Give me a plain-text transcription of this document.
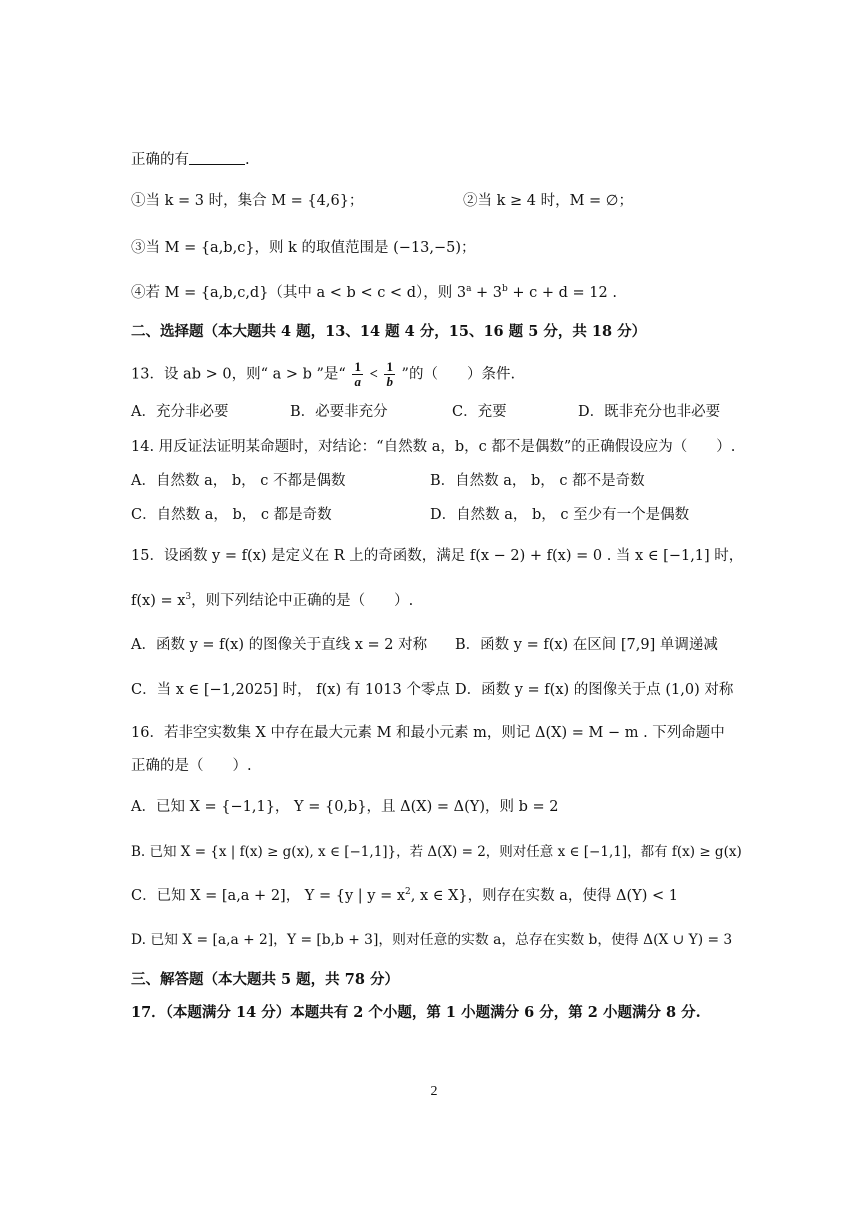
正确的有	.
①当 k = 3 时，集合 M = {4,6}；	②当 k ≥ 4 时，M = ∅；
③当 M = {a,b,c}，则 k 的取值范围是 (−13,−5)；
④若 M = {a,b,c,d}（其中 a < b < c < d），则 $3^a + 3^b + c + d = 12$ .
二、选择题（本大题共 4 题，13、14 题 4 分，15、16 题 5 分，共 18 分）
13．设 ab > 0，则“ a > b ”是“ $\frac{1}{a} < \frac{1}{b}$ ”的（　　）条件.
A．充分非必要	B．必要非充分	C．充要	D．既非充分也非必要
14. 用反证法证明某命题时，对结论：“自然数 a，b，c 都不是偶数”的正确假设应为（　　）.
A．自然数 a， b， c 不都是偶数	B．自然数 a， b， c 都不是奇数
C．自然数 a， b， c 都是奇数	D．自然数 a， b， c 至少有一个是偶数
15．设函数 y = f(x) 是定义在 R 上的奇函数，满足 f(x − 2) + f(x) = 0 . 当 x ∈ [−1,1] 时，
$f(x) = x^3$，则下列结论中正确的是（　　）.
A．函数 y = f(x) 的图像关于直线 x = 2 对称 B．函数 y = f(x) 在区间 [7,9] 单调递减
C．当 x ∈ [−1,2025] 时， f(x) 有 1013 个零点 D．函数 y = f(x) 的图像关于点 (1,0) 对称
16．若非空实数集 X 中存在最大元素 M 和最小元素 m，则记 Δ(X) = M − m . 下列命题中
正确的是（　　）.
A．已知 X = {−1,1}， Y = {0,b}，且 Δ(X) = Δ(Y)，则 b = 2
B. 已知 X = {x | f(x) ≥ g(x), x ∈ [−1,1]}，若 Δ(X) = 2，则对任意 x ∈ [−1,1]，都有 f(x) ≥ g(x)
C．已知 X = [a,a + 2]， Y = {y | $y = x^2$, x ∈ X}，则存在实数 a，使得 Δ(Y) < 1
D. 已知 X = [a,a + 2]，Y = [b,b + 3]，则对任意的实数 a，总存在实数 b，使得 Δ(X ∪ Y) = 3
三、解答题（本大题共 5 题，共 78 分）
17．（本题满分 14 分）本题共有 2 个小题，第 1 小题满分 6 分，第 2 小题满分 8 分.
2
